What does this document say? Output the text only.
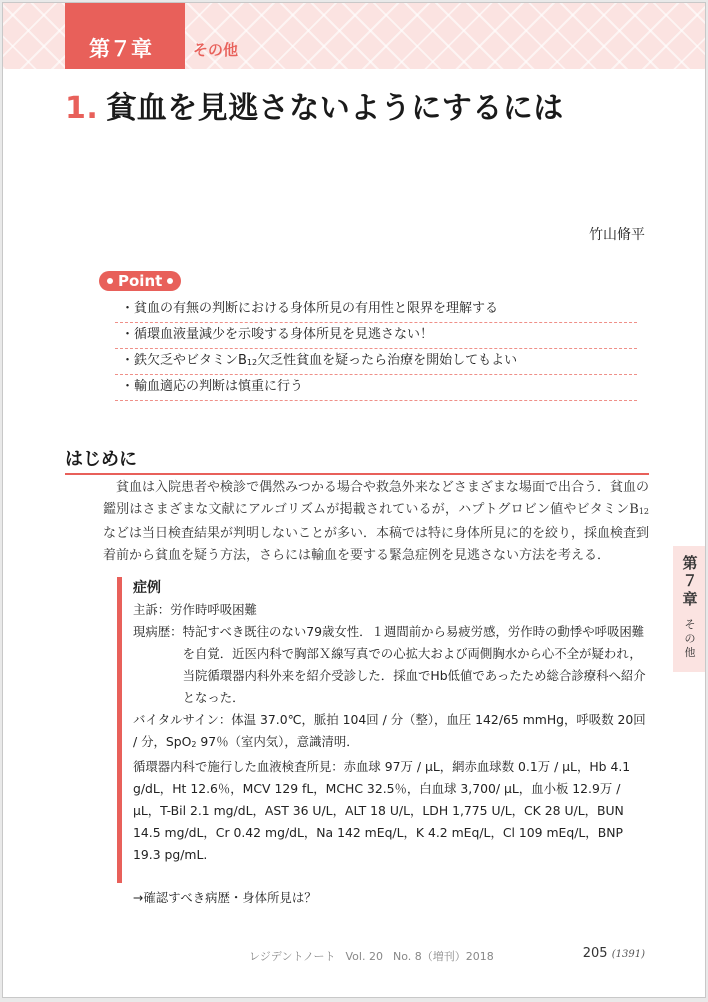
第７章	その他
1. 貧血を見逃さないようにするには
竹山脩平
Point
・貧血の有無の判断における身体所見の有用性と限界を理解する
・循環血液量減少を示唆する身体所見を見逃さない！
・鉄欠乏やビタミン$B_{12}$欠乏性貧血を疑ったら治療を開始してもよい
・輸血適応の判断は慎重に行う
はじめに

貧血は入院患者や検診で偶然みつかる場合や救急外来などさまざまな場面で出合う．貧血の鑑別はさまざまな文献にアルゴリズムが掲載されているが，ハプトグロビン値やビタミン$B_{12}$などは当日検査結果が判明しないことが多い．本稿では特に身体所見に的を絞り，採血検査到着前から貧血を疑う方法，さらには輸血を要する緊急症例を見逃さない方法を考える．	第７章
その他

症例

主訴：労作時呼吸困難

現病歴： 特記すべき既往のない79歳女性．１週間前から易疲労感，労作時の動悸や呼吸困難を自覚．近医内科で胸部Ｘ線写真での心拡大および両側胸水から心不全が疑われ，当院循環器内科外来を紹介受診した．採血でHb低値であったため総合診療科へ紹介となった．

バイタルサイン：体温 37.0℃，脈拍 104回 / 分（整），血圧 142/65 mmHg，呼吸数 20回 / 分，SpO$_2$ 97％（室内気），意識清明．

循環器内科で施行した血液検査所見：赤血球 97万 / μL，網赤血球数 0.1万 / μL，Hb 4.1 g/dL，Ht 12.6％，MCV 129 fL，MCHC 32.5％，白血球 3,700/ μL，血小板 12.9万 / μL，T-Bil 2.1 mg/dL，AST 36 U/L，ALT 18 U/L，LDH 1,775 U/L，CK 28 U/L，BUN 14.5 mg/dL，Cr 0.42 mg/dL，Na 142 mEq/L，K 4.2 mEq/L，Cl 109 mEq/L，BNP 19.3 pg/mL.

→確認すべき病歴・身体所見は？

レジデントノート Vol. 20 No. 8（増刊）2018	205 (1391)
